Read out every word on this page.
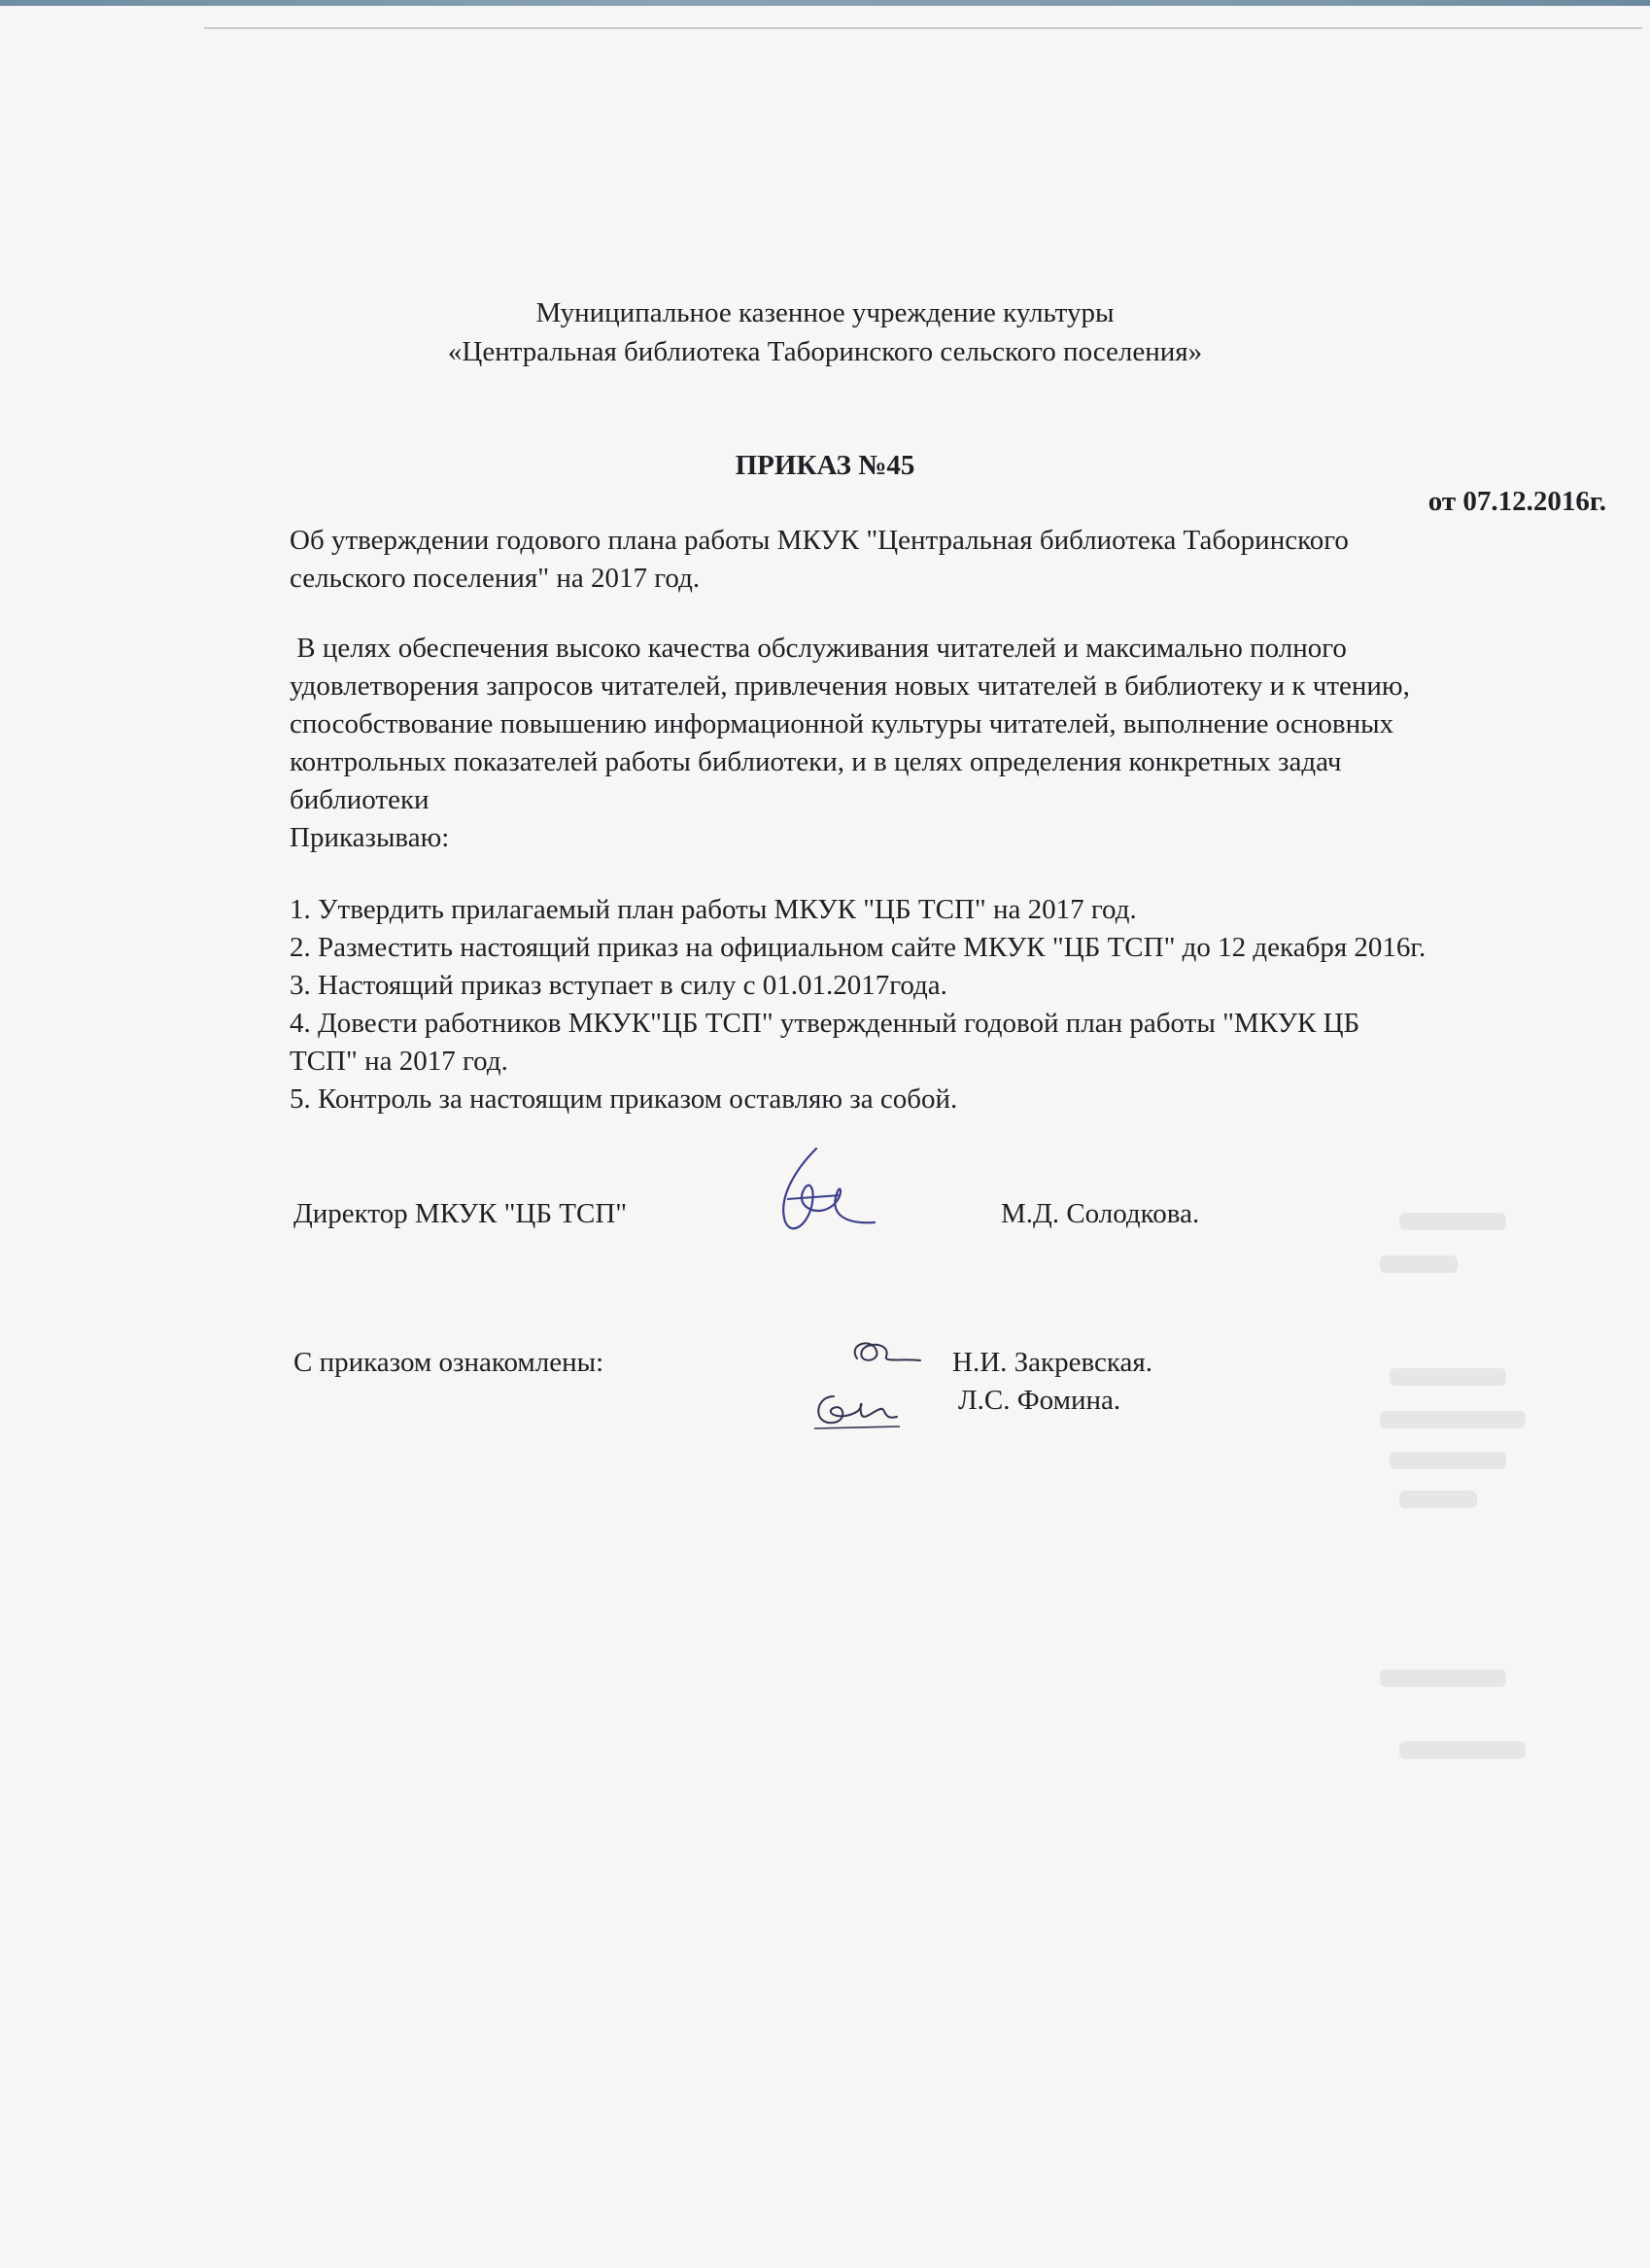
Муниципальное казенное учреждение культуры
«Центральная библиотека Таборинского сельского поселения»
ПРИКАЗ №45
от 07.12.2016г.
Об утверждении годового плана работы МКУК "Центральная библиотека Таборинского
сельского поселения" на 2017 год.
В целях обеспечения высоко качества обслуживания читателей и максимально полного
удовлетворения запросов читателей, привлечения новых читателей в библиотеку и к чтению,
способствование повышению информационной культуры читателей, выполнение основных
контрольных показателей работы библиотеки, и в целях определения конкретных задач
библиотеки
Приказываю:
1. Утвердить прилагаемый план работы МКУК "ЦБ ТСП" на 2017 год.
2. Разместить настоящий приказ на официальном сайте МКУК "ЦБ ТСП" до 12 декабря 2016г.
3. Настоящий приказ вступает в силу с 01.01.2017года.
4. Довести работников МКУК"ЦБ ТСП" утвержденный годовой план работы "МКУК ЦБ
ТСП" на 2017 год.
5. Контроль за настоящим приказом оставляю за собой.
Директор МКУК "ЦБ ТСП"	М.Д. Солодкова.
С приказом ознакомлены:	Н.И. Закревская.
Л.С. Фомина.
